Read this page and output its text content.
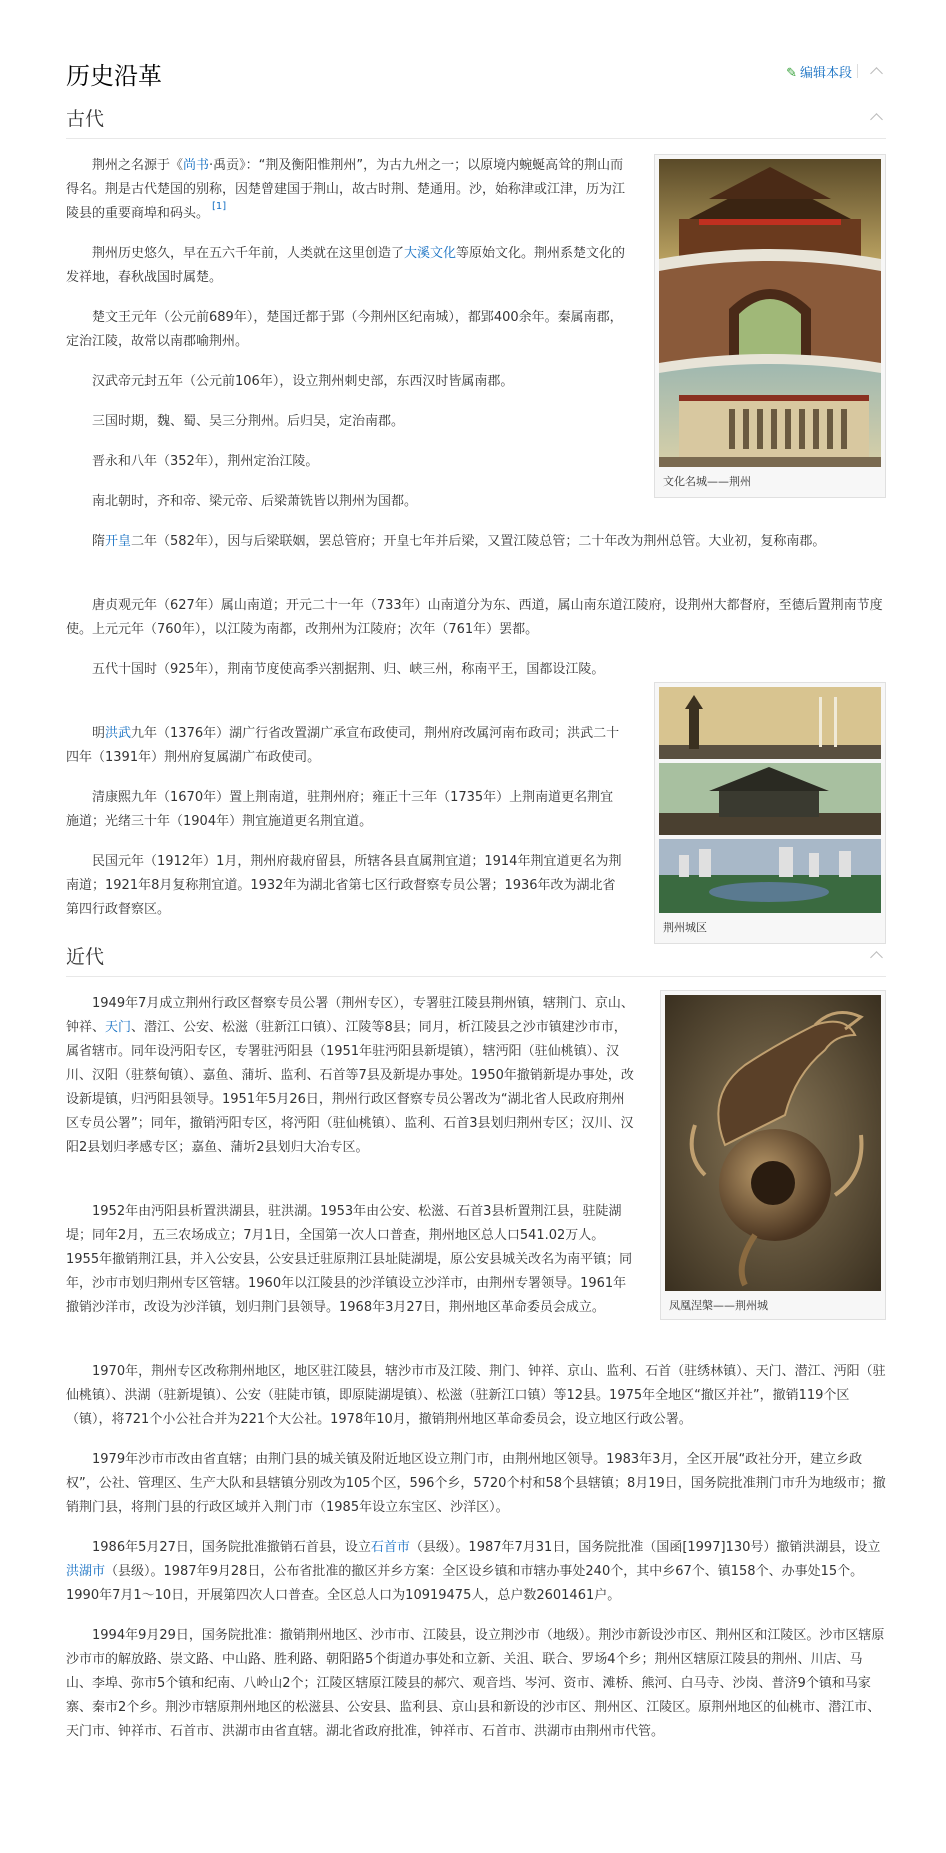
历史沿革	✎ 编辑本段
古代

荆州之名源于《尚书·禹贡》：“荆及衡阳惟荆州”，为古九州之一；以原境内蜿蜒高耸的荆山而得名。荆是古代楚国的别称，因楚曾建国于荆山，故古时荆、楚通用。沙，始称津或江津，历为江陵县的重要商埠和码头。 [1]

荆州历史悠久，早在五六千年前，人类就在这里创造了大溪文化等原始文化。荆州系楚文化的发祥地，春秋战国时属楚。

楚文王元年（公元前689年），楚国迁都于郢（今荆州区纪南城），都郢400余年。秦属南郡，定治江陵，故常以南郡喻荆州。

汉武帝元封五年（公元前106年），设立荆州刺史部，东西汉时皆属南郡。

三国时期，魏、蜀、吴三分荆州。后归吴，定治南郡。

晋永和八年（352年），荆州定治江陵。

南北朝时，齐和帝、梁元帝、后梁萧铣皆以荆州为国都。

隋开皇二年（582年），因与后梁联姻，罢总管府；开皇七年并后梁，又置江陵总管；二十年改为荆州总管。大业初，复称南郡。

唐贞观元年（627年）属山南道；开元二十一年（733年）山南道分为东、西道，属山南东道江陵府，设荆州大都督府，至德后置荆南节度使。上元元年（760年），以江陵为南都，改荆州为江陵府；次年（761年）罢都。

五代十国时（925年），荆南节度使高季兴割据荆、归、峡三州，称南平王，国都设江陵。

明洪武九年（1376年）湖广行省改置湖广承宣布政使司，荆州府改属河南布政司；洪武二十四年（1391年）荆州府复属湖广布政使司。

清康熙九年（1670年）置上荆南道，驻荆州府；雍正十三年（1735年）上荆南道更名荆宜施道；光绪三十年（1904年）荆宜施道更名荆宜道。

民国元年（1912年）1月，荆州府裁府留县，所辖各县直属荆宜道；1914年荆宜道更名为荆南道；1921年8月复称荆宜道。1932年为湖北省第七区行政督察专员公署；1936年改为湖北省第四行政督察区。

文化名城——荆州
荆州城区
近代

1949年7月成立荆州行政区督察专员公署（荆州专区），专署驻江陵县荆州镇，辖荆门、京山、钟祥、天门、潜江、公安、松滋（驻新江口镇）、江陵等8县；同月，析江陵县之沙市镇建沙市市，属省辖市。同年设沔阳专区，专署驻沔阳县（1951年驻沔阳县新堤镇），辖沔阳（驻仙桃镇）、汉川、汉阳（驻蔡甸镇）、嘉鱼、蒲圻、监利、石首等7县及新堤办事处。1950年撤销新堤办事处，改设新堤镇，归沔阳县领导。1951年5月26日，荆州行政区督察专员公署改为“湖北省人民政府荆州区专员公署”；同年，撤销沔阳专区，将沔阳（驻仙桃镇）、监利、石首3县划归荆州专区；汉川、汉阳2县划归孝感专区；嘉鱼、蒲圻2县划归大冶专区。

1952年由沔阳县析置洪湖县，驻洪湖。1953年由公安、松滋、石首3县析置荆江县，驻陡湖堤；同年2月，五三农场成立；7月1日，全国第一次人口普查，荆州地区总人口541.02万人。1955年撤销荆江县，并入公安县，公安县迁驻原荆江县址陡湖堤，原公安县城关改名为南平镇；同年，沙市市划归荆州专区管辖。1960年以江陵县的沙洋镇设立沙洋市，由荆州专署领导。1961年撤销沙洋市，改设为沙洋镇，划归荆门县领导。1968年3月27日，荆州地区革命委员会成立。

1970年，荆州专区改称荆州地区，地区驻江陵县，辖沙市市及江陵、荆门、钟祥、京山、监利、石首（驻绣林镇）、天门、潜江、沔阳（驻仙桃镇）、洪湖（驻新堤镇）、公安（驻陡市镇，即原陡湖堤镇）、松滋（驻新江口镇）等12县。1975年全地区“撤区并社”，撤销119个区（镇），将721个小公社合并为221个大公社。1978年10月，撤销荆州地区革命委员会，设立地区行政公署。

1979年沙市市改由省直辖；由荆门县的城关镇及附近地区设立荆门市，由荆州地区领导。1983年3月，全区开展“政社分开，建立乡政权”，公社、管理区、生产大队和县辖镇分别改为105个区，596个乡，5720个村和58个县辖镇；8月19日，国务院批准荆门市升为地级市；撤销荆门县，将荆门县的行政区域并入荆门市（1985年设立东宝区、沙洋区）。

1986年5月27日，国务院批准撤销石首县，设立石首市（县级）。1987年7月31日，国务院批准（国函[1997]130号）撤销洪湖县，设立洪湖市（县级）。1987年9月28日，公布省批准的撤区并乡方案：全区设乡镇和市辖办事处240个，其中乡67个、镇158个、办事处15个。1990年7月1～10日，开展第四次人口普查。全区总人口为10919475人，总户数2601461户。

1994年9月29日，国务院批准：撤销荆州地区、沙市市、江陵县，设立荆沙市（地级）。荆沙市新设沙市区、荆州区和江陵区。沙市区辖原沙市市的解放路、崇文路、中山路、胜利路、朝阳路5个街道办事处和立新、关沮、联合、罗场4个乡；荆州区辖原江陵县的荆州、川店、马山、李埠、弥市5个镇和纪南、八岭山2个；江陵区辖原江陵县的郝穴、观音垱、岑河、资市、滩桥、熊河、白马寺、沙岗、普济9个镇和马家寨、秦市2个乡。荆沙市辖原荆州地区的松滋县、公安县、监利县、京山县和新设的沙市区、荆州区、江陵区。原荆州地区的仙桃市、潜江市、天门市、钟祥市、石首市、洪湖市由省直辖。湖北省政府批准，钟祥市、石首市、洪湖市由荆州市代管。

凤凰涅槃——荆州城
